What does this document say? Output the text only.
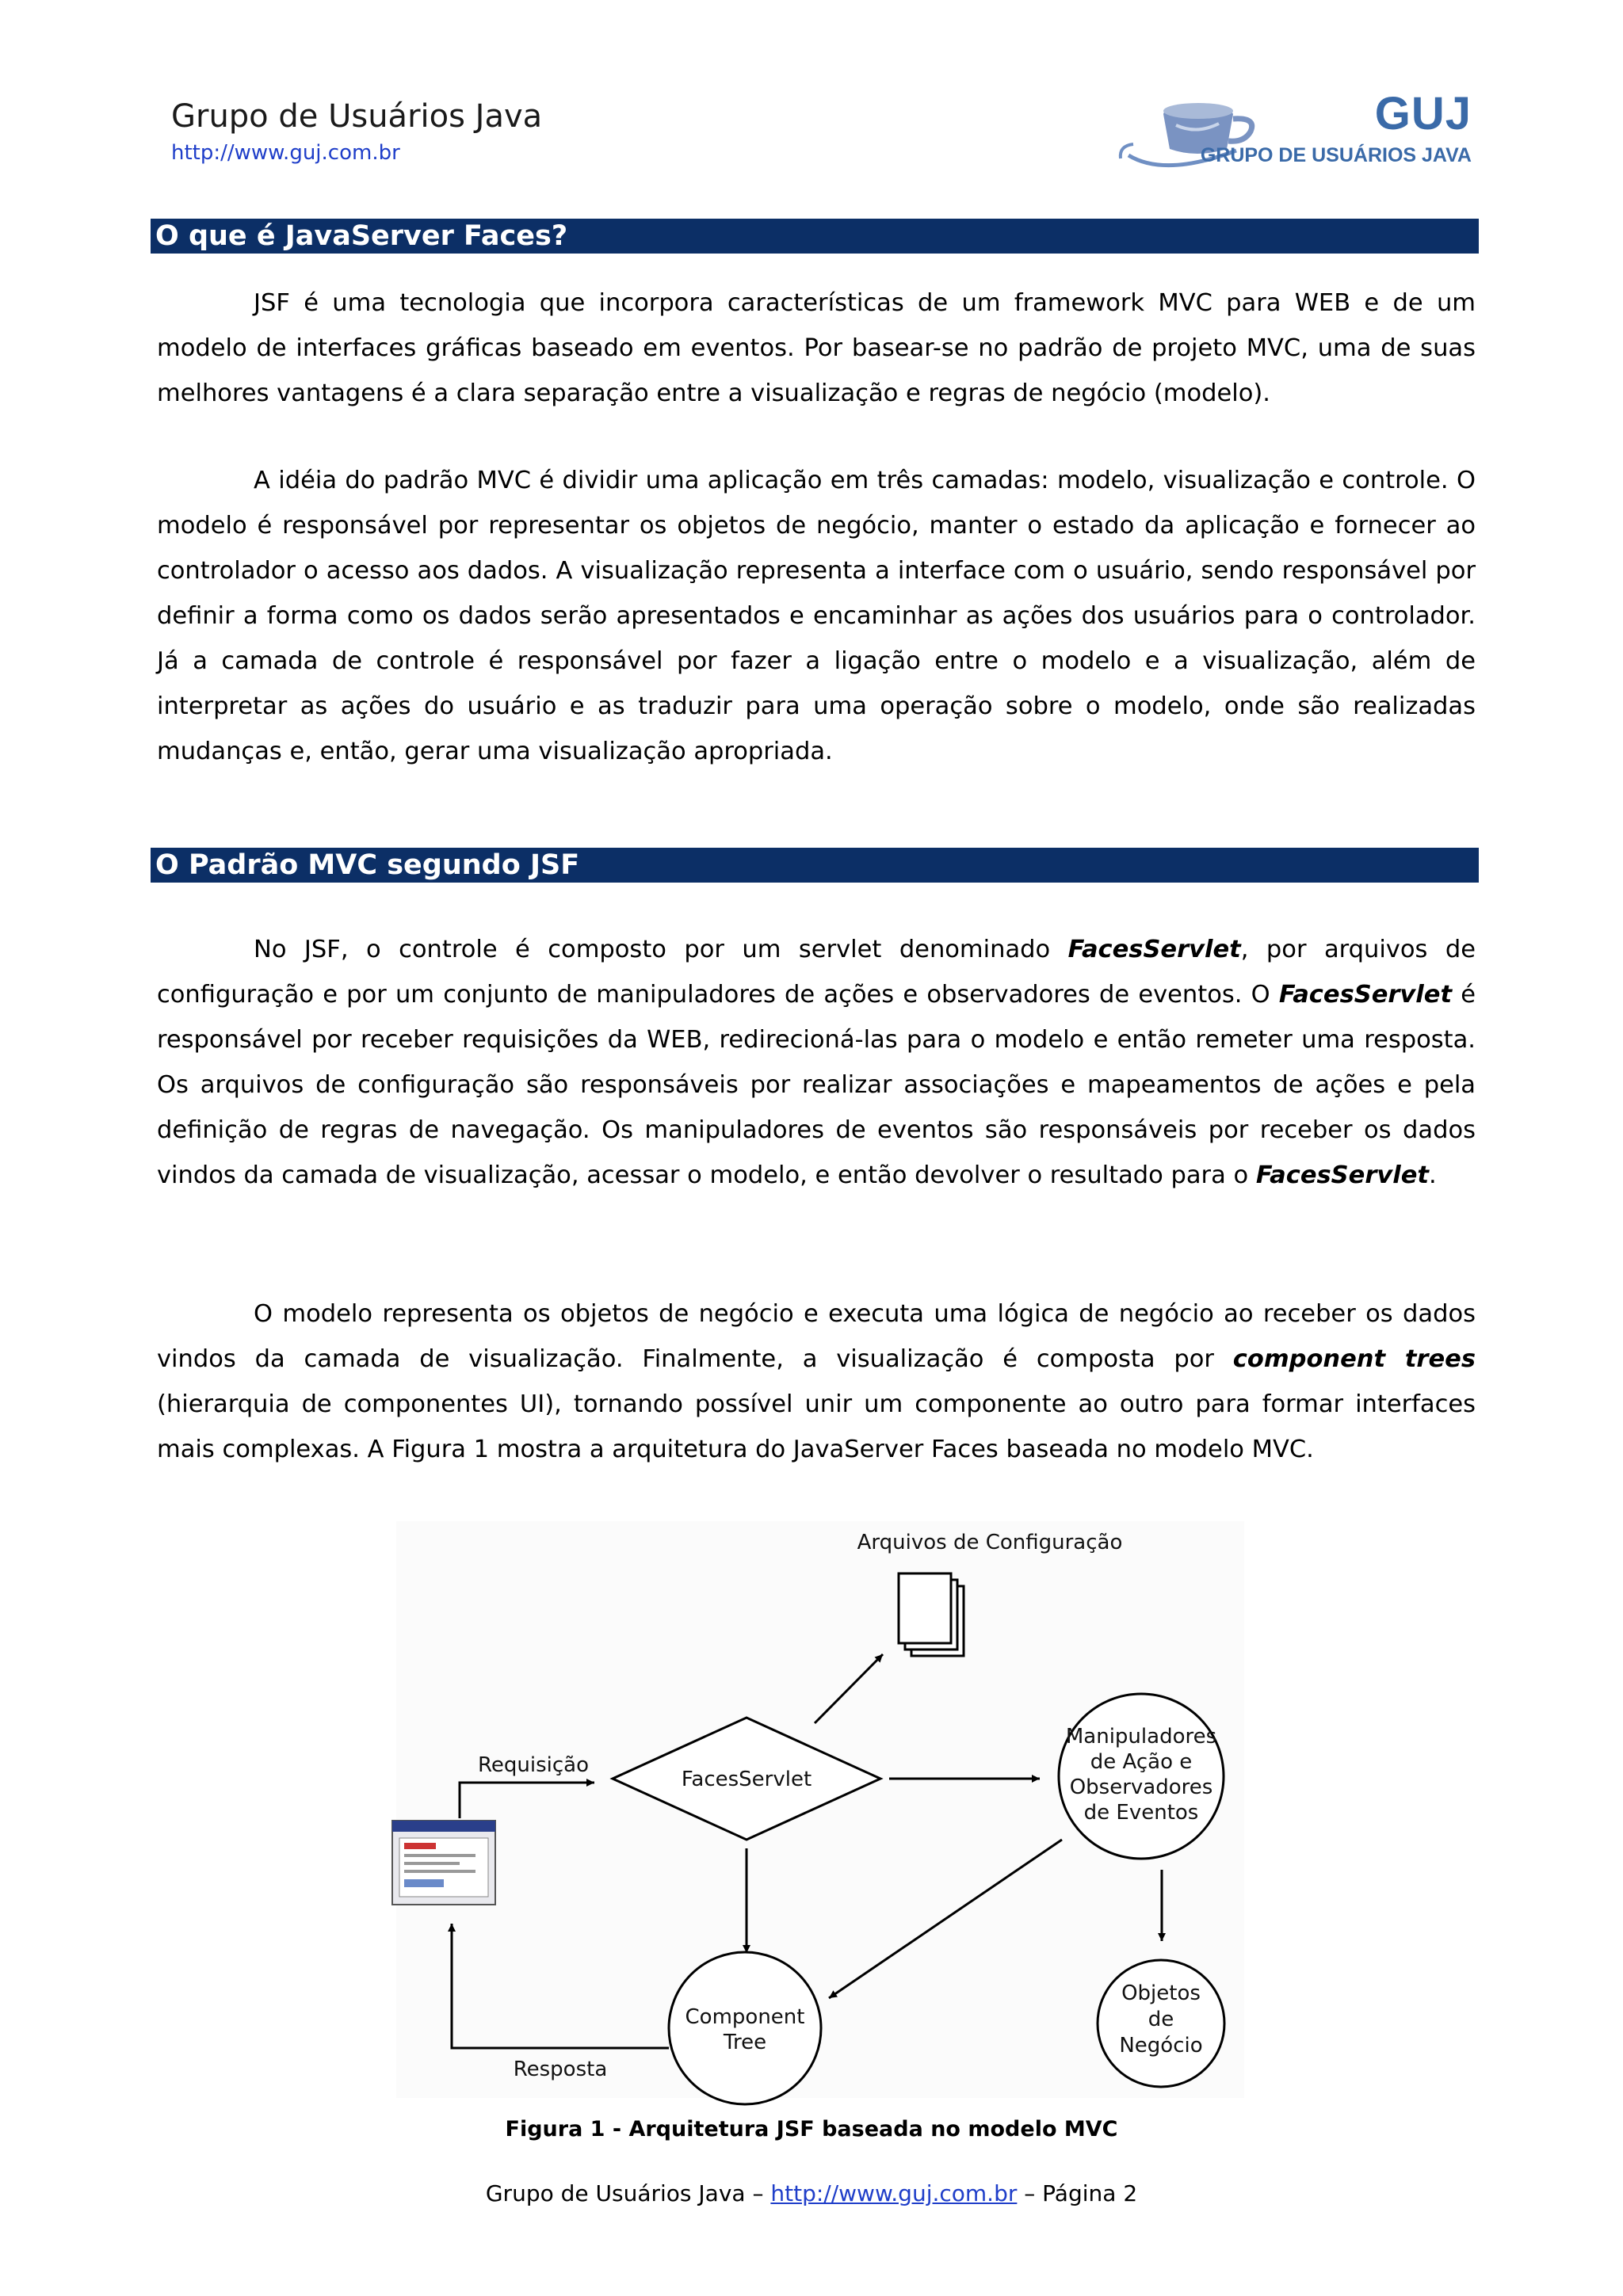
Grupo de Usuários Java
http://www.guj.com.br
GUJ
GRUPO DE USUÁRIOS JAVA
O que é JavaServer Faces?

JSF é uma tecnologia que incorpora características de um framework MVC para WEB e de um modelo de interfaces gráficas baseado em eventos. Por basear-se no padrão de projeto MVC, uma de suas melhores vantagens é a clara separação entre a visualização e regras de negócio (modelo).

A idéia do padrão MVC é dividir uma aplicação em três camadas: modelo, visualização e controle. O modelo é responsável por representar os objetos de negócio, manter o estado da aplicação e fornecer ao controlador o acesso aos dados. A visualização representa a interface com o usuário, sendo responsável por definir a forma como os dados serão apresentados e encaminhar as ações dos usuários para o controlador. Já a camada de controle é responsável por fazer a ligação entre o modelo e a visualização, além de interpretar as ações do usuário e as traduzir para uma operação sobre o modelo, onde são realizadas mudanças e, então, gerar uma visualização apropriada.

O Padrão MVC segundo JSF

No JSF, o controle é composto por um servlet denominado FacesServlet, por arquivos de configuração e por um conjunto de manipuladores de ações e observadores de eventos. O FacesServlet é responsável por receber requisições da WEB, redirecioná-las para o modelo e então remeter uma resposta. Os arquivos de configuração são responsáveis por realizar associações e mapeamentos de ações e pela definição de regras de navegação. Os manipuladores de eventos são responsáveis por receber os dados vindos da camada de visualização, acessar o modelo, e então devolver o resultado para o FacesServlet.

O modelo representa os objetos de negócio e executa uma lógica de negócio ao receber os dados vindos da camada de visualização. Finalmente, a visualização é composta por component trees (hierarquia de componentes UI), tornando possível unir um componente ao outro para formar interfaces mais complexas. A Figura 1 mostra a arquitetura do JavaServer Faces baseada no modelo MVC.

Arquivos de Configuração
Requisição
FacesServlet
Manipuladores
de Ação e
Observadores
de Eventos
Component
Tree
Objetos
de
Negócio
Resposta
Figura 1 - Arquitetura JSF baseada no modelo MVC
Grupo de Usuários Java – http://www.guj.com.br – Página 2
